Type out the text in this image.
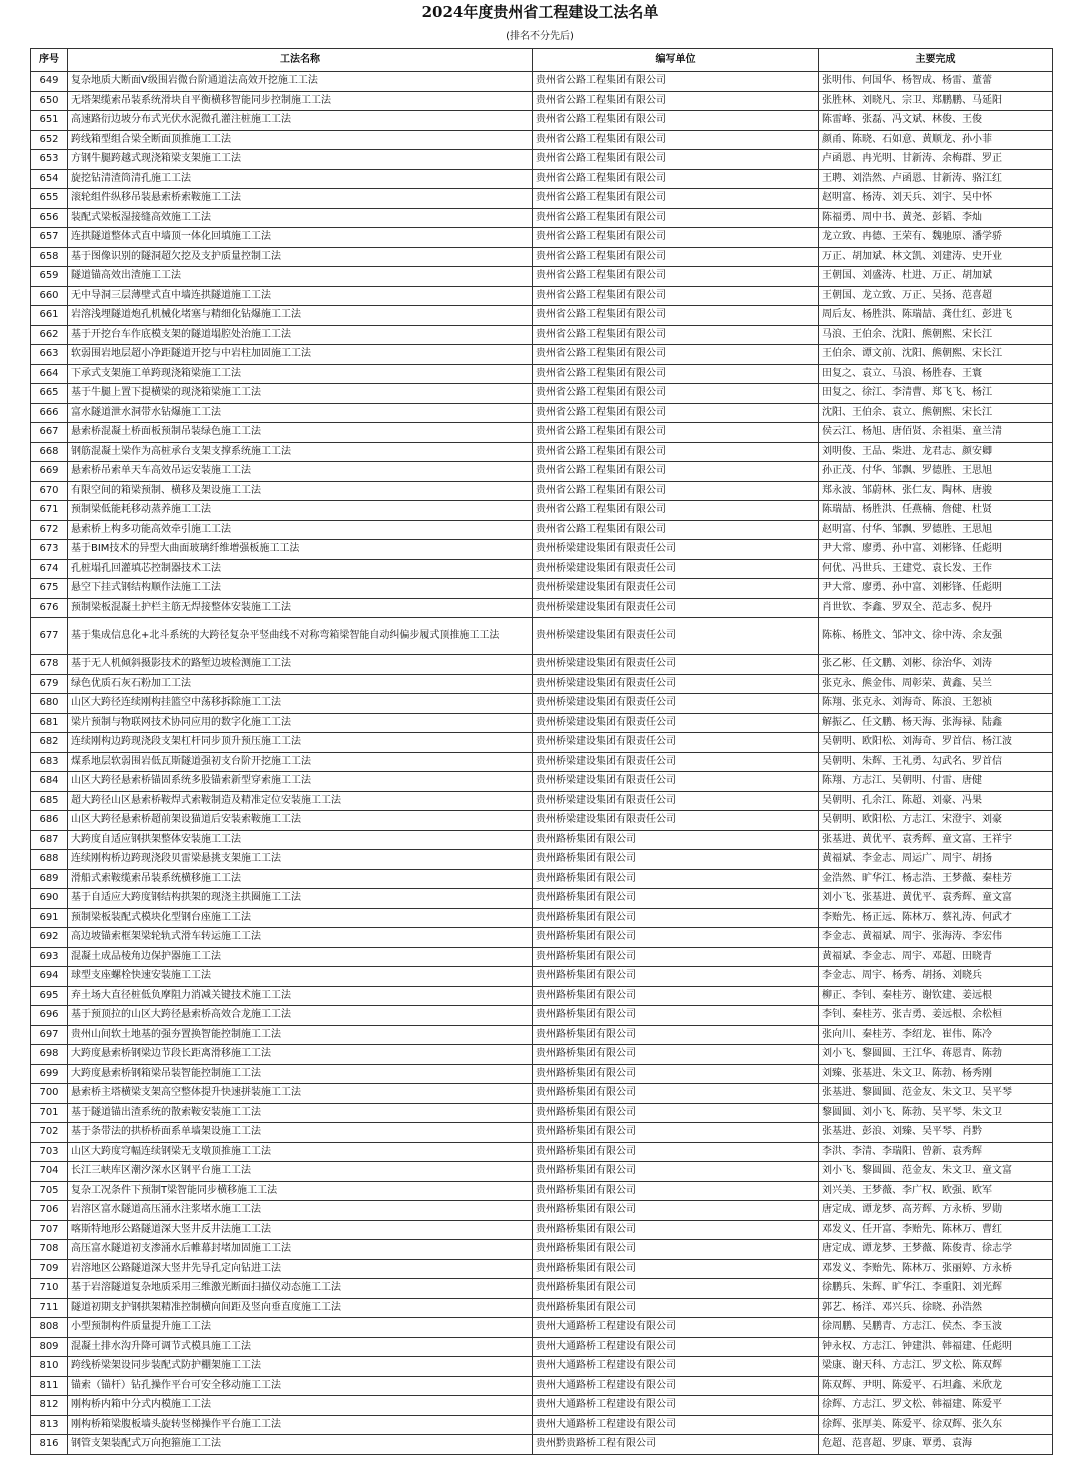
2024年度贵州省工程建设工法名单
(排名不分先后)
序号	工法名称	编写单位	主要完成
649	复杂地质大断面V级围岩微台阶通道法高效开挖施工工法	贵州省公路工程集团有限公司	张明伟、何国华、杨智成、杨雷、董蕾
650	无塔架缆索吊装系统滑块自平衡横移智能同步控制施工工法	贵州省公路工程集团有限公司	张胜林、刘晓凡、宗卫、郑鹏鹏、马延阳
651	高速路衍边坡分布式光伏水泥微孔灌注桩施工工法	贵州省公路工程集团有限公司	陈雷峰、张磊、冯文斌、林俊、王俊
652	跨线箱型组合梁全断面顶推施工工法	贵州省公路工程集团有限公司	颜甬、陈晓、石如意、黄顺龙、孙小菲
653	方钢牛腿跨越式现浇箱梁支架施工工法	贵州省公路工程集团有限公司	卢函恩、冉光明、甘新涛、余梅群、罗正
654	旋挖钻清渣筒清孔施工工法	贵州省公路工程集团有限公司	王聘、刘浩然、卢函恩、甘新涛、骆江红
655	滚轮组件纵移吊装悬索桥索鞍施工工法	贵州省公路工程集团有限公司	赵明富、杨涛、刘天兵、刘宇、吴中怀
656	装配式梁板湿接缝高效施工工法	贵州省公路工程集团有限公司	陈福勇、周中书、黄尧、彭韬、李灿
657	连拱隧道整体式直中墙顶一体化回填施工工法	贵州省公路工程集团有限公司	龙立致、冉德、王荣有、魏驰原、潘学骄
658	基于图像识别的隧洞超欠挖及支护质量控制工法	贵州省公路工程集团有限公司	万正、胡加斌、林文凯、刘建涛、史开业
659	隧道锚高效出渣施工工法	贵州省公路工程集团有限公司	王朝国、刘盛涛、杜进、万正、胡加斌
660	无中导洞三层薄壁式直中墙连拱隧道施工工法	贵州省公路工程集团有限公司	王朝国、龙立致、万正、吴扬、范喜超
661	岩溶浅埋隧道炮孔机械化堵塞与精细化钻爆施工工法	贵州省公路工程集团有限公司	周后友、杨胜洪、陈瑞喆、龚仕红、彭进飞
662	基于开挖台车作底模支架的隧道塌腔处治施工工法	贵州省公路工程集团有限公司	马浪、王伯余、沈阳、熊朝熙、宋长江
663	软弱围岩地层超小净距隧道开挖与中岩柱加固施工工法	贵州省公路工程集团有限公司	王伯余、谭文前、沈阳、熊朝熙、宋长江
664	下承式支架施工单跨现浇箱梁施工工法	贵州省公路工程集团有限公司	田复之、袁立、马浪、杨胜春、王寰
665	基于牛腿上置下提横梁的现浇箱梁施工工法	贵州省公路工程集团有限公司	田复之、徐江、李清曹、郑飞飞、杨江
666	富水隧道泄水洞带水钻爆施工工法	贵州省公路工程集团有限公司	沈阳、王伯余、袁立、熊朝熙、宋长江
667	悬索桥混凝土桥面板预制吊装绿色施工工法	贵州省公路工程集团有限公司	侯云江、杨旭、唐佰贤、余祖渠、童兰清
668	钢筋混凝土梁作为高桩承台支架支撑系统施工工法	贵州省公路工程集团有限公司	刘明俊、王品、柴进、龙君志、颜安卿
669	悬索桥吊索单天车高效吊运安装施工工法	贵州省公路工程集团有限公司	孙正茂、付华、邹飘、罗德胜、王思旭
670	有限空间的箱梁预制、横移及架设施工工法	贵州省公路工程集团有限公司	郑永波、邹蔚林、张仁友、陶林、唐骏
671	预制梁低能耗移动蒸养施工工法	贵州省公路工程集团有限公司	陈瑞喆、杨胜洪、任燕楠、詹健、杜贤
672	悬索桥上构多功能高效牵引施工工法	贵州省公路工程集团有限公司	赵明富、付华、邹飘、罗德胜、王思旭
673	基于BIM技术的异型大曲面玻璃纤维增强板施工工法	贵州桥梁建设集团有限责任公司	尹大常、廖勇、孙中富、刘彬锋、任彪明
674	孔桩塌孔回灌填芯控制器技术工法	贵州桥梁建设集团有限责任公司	何优、冯世兵、王建党、袁长发、王作
675	悬空下挂式钢结构顺作法施工工法	贵州桥梁建设集团有限责任公司	尹大常、廖勇、孙中富、刘彬锋、任彪明
676	预制梁板混凝土护栏主筋无焊接整体安装施工工法	贵州桥梁建设集团有限责任公司	肖世钦、李鑫、罗双全、范志多、倪丹
677	基于集成信息化+北斗系统的大跨径复杂平竖曲线不对称弯箱梁智能自动纠偏步履式顶推施工工法	贵州桥梁建设集团有限责任公司	陈栋、杨胜文、邹冲文、徐中涛、余友强
678	基于无人机倾斜摄影技术的路堑边坡检测施工工法	贵州桥梁建设集团有限责任公司	张乙彬、任文鹏、刘彬、徐治华、刘涛
679	绿色优质石灰石粉加工工法	贵州桥梁建设集团有限责任公司	张克永、熊金伟、周彰荣、黄鑫、吴兰
680	山区大跨径连续刚构挂篮空中荡移拆除施工工法	贵州桥梁建设集团有限责任公司	陈翔、张克永、刘海奇、陈浪、王恕祯
681	梁片预制与物联网技术协同应用的数字化施工工法	贵州桥梁建设集团有限责任公司	解振乙、任文鹏、杨天海、张海禄、陆鑫
682	连续刚构边跨现浇段支架杠杆同步顶升预压施工工法	贵州桥梁建设集团有限责任公司	吴朝明、欧阳松、刘海奇、罗首信、杨江波
683	煤系地层软弱围岩低瓦斯隧道强初支台阶开挖施工工法	贵州桥梁建设集团有限责任公司	吴朝明、朱辉、王礼勇、勾武名、罗首信
684	山区大跨径悬索桥锚固系统多股锚索新型穿索施工工法	贵州桥梁建设集团有限责任公司	陈翔、方志江、吴朝明、付雷、唐健
685	超大跨径山区悬索桥鞍焊式索鞍制造及精准定位安装施工工法	贵州桥梁建设集团有限责任公司	吴朝明、孔余江、陈超、刘豪、冯果
686	山区大跨径悬索桥超前架设猫道后安装索鞍施工工法	贵州桥梁建设集团有限责任公司	吴朝明、欧阳松、方志江、宋澄宇、刘豪
687	大跨度自适应钢拱架整体安装施工工法	贵州路桥集团有限公司	张基进、黄优平、袁秀辉、童文富、王祥宇
688	连续刚构桥边跨现浇段贝雷梁悬挑支架施工工法	贵州路桥集团有限公司	黄福斌、李金志、周运广、周宇、胡扬
689	滑船式索鞍缆索吊装系统横移施工工法	贵州路桥集团有限公司	金浩然、旷华江、杨志浩、王梦薇、秦桂芳
690	基于自适应大跨度钢结构拱架的现浇主拱圈施工工法	贵州路桥集团有限公司	刘小飞、张基进、黄优平、袁秀辉、童文富
691	预制梁板装配式模块化型钢台座施工工法	贵州路桥集团有限公司	李贻先、杨正远、陈林万、蔡礼涛、何武才
692	高边坡锚索框架梁轮轨式滑车转运施工工法	贵州路桥集团有限公司	李金志、黄福斌、周宇、张海涛、李宏伟
693	混凝土成品棱角边保护器施工工法	贵州路桥集团有限公司	黄福斌、李金志、周宇、邓超、田晓青
694	球型支座螺栓快速安装施工工法	贵州路桥集团有限公司	李金志、周宇、杨秀、胡扬、刘晓兵
695	弃土场大直径桩低负摩阻力消减关键技术施工工法	贵州路桥集团有限公司	柳正、李钊、秦桂芳、谢钦建、姜远根
696	基于预顶拉的山区大跨径悬索桥高效合龙施工工法	贵州路桥集团有限公司	李钊、秦桂芳、张吉勇、姜远根、余松桓
697	贵州山间软土地基的强夯置换智能控制施工工法	贵州路桥集团有限公司	张向川、秦桂芳、李绍龙、崔伟、陈冷
698	大跨度悬索桥钢梁边节段长距离滑移施工工法	贵州路桥集团有限公司	刘小飞、黎圆圆、王江华、蒋恩青、陈勃
699	大跨度悬索桥钢箱梁吊装智能控制施工工法	贵州路桥集团有限公司	刘臻、张基进、朱文卫、陈勃、杨秀刚
700	悬索桥主塔横梁支架高空整体提升快速拼装施工工法	贵州路桥集团有限公司	张基进、黎圆圆、范金友、朱文卫、吴平琴
701	基于隧道锚出渣系统的散索鞍安装施工工法	贵州路桥集团有限公司	黎圆圆、刘小飞、陈勃、吴平琴、朱文卫
702	基于条带法的拱桥桥面系单墙架设施工工法	贵州路桥集团有限公司	张基进、彭浪、刘臻、吴平琴、肖黔
703	山区大跨度穹幅连续钢梁无支墩顶推施工工法	贵州路桥集团有限公司	李洪、李清、李瑞阳、曾新、袁秀辉
704	长江三峡库区潮汐深水区钢平台施工工法	贵州路桥集团有限公司	刘小飞、黎圆圆、范金友、朱文卫、童文富
705	复杂工况条件下预制T梁智能同步横移施工工法	贵州路桥集团有限公司	刘兴美、王梦薇、李广权、欧强、欧军
706	岩溶区富水隧道高压涌水注浆堵水施工工法	贵州路桥集团有限公司	唐定成、谭龙梦、高芳辉、方永桥、罗勋
707	喀斯特地形公路隧道深大竖井反井法施工工法	贵州路桥集团有限公司	邓发义、任开富、李贻先、陈林万、曹红
708	高压富水隧道初支渗涌水后帷幕封堵加固施工工法	贵州路桥集团有限公司	唐定成、谭龙梦、王梦薇、陈俊青、徐志学
709	岩溶地区公路隧道深大竖井先导孔定向钻进工法	贵州路桥集团有限公司	邓发义、李贻先、陈林万、张丽婷、方永桥
710	基于岩溶隧道复杂地质采用三维激光断面扫描仪动态施工工法	贵州路桥集团有限公司	徐鹏兵、朱辉、旷华江、李重阳、刘光辉
711	隧道初期支护钢拱架精准控制横向间距及竖向垂直度施工工法	贵州路桥集团有限公司	郭艺、杨洋、邓兴兵、徐晓、孙浩然
808	小型预制构件质量提升施工工法	贵州大通路桥工程建设有限公司	徐周鹏、吴鹏青、方志江、侯杰、李玉波
809	混凝土排水沟升降可调节式模具施工工法	贵州大通路桥工程建设有限公司	钟永权、方志江、钟建洪、韩福建、任彪明
810	跨线桥梁架设同步装配式防护棚架施工工法	贵州大通路桥工程建设有限公司	梁康、谢天科、方志江、罗文松、陈双辉
811	锚索（锚杆）钻孔操作平台可安全移动施工工法	贵州大通路桥工程建设有限公司	陈双辉、尹明、陈爱平、石坦鑫、米欣龙
812	刚构桥内箱中分式内模施工工法	贵州大通路桥工程建设有限公司	徐辉、方志江、罗文松、韩福建、陈爱平
813	刚构桥箱梁腹板墙头旋转竖梯操作平台施工工法	贵州大通路桥工程建设有限公司	徐辉、张厚美、陈爱平、徐双辉、张久东
816	钢管支架装配式万向抱箍施工工法	贵州黔贵路桥工程有限公司	危超、范喜超、罗康、覃勇、袁海
